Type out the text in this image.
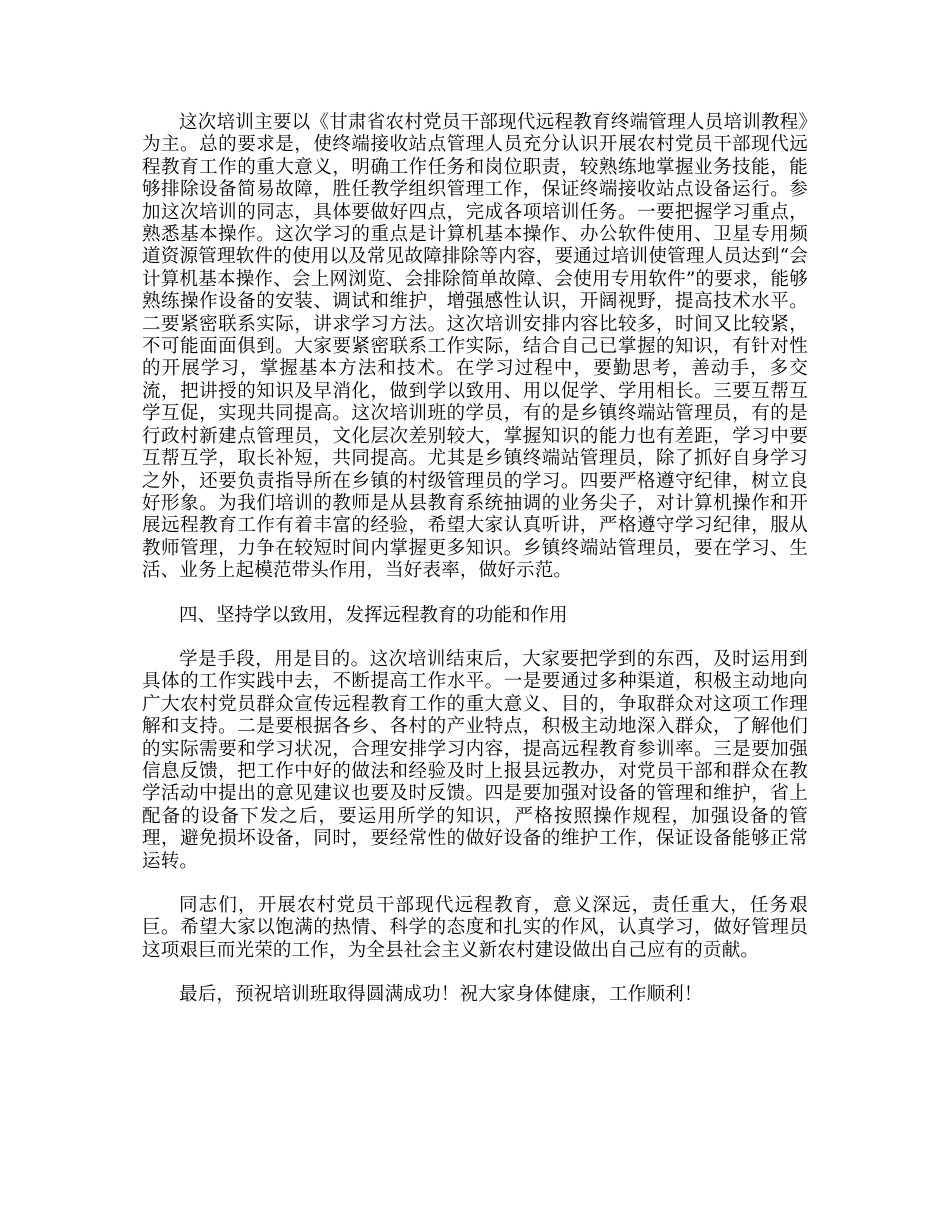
这次培训主要以《甘肃省农村党员干部现代远程教育终端管理人员培训教程》为主。总的要求是，使终端接收站点管理人员充分认识开展农村党员干部现代远程教育工作的重大意义，明确工作任务和岗位职责，较熟练地掌握业务技能，能够排除设备简易故障，胜任教学组织管理工作，保证终端接收站点设备运行。参加这次培训的同志，具体要做好四点，完成各项培训任务。一要把握学习重点，熟悉基本操作。这次学习的重点是计算机基本操作、办公软件使用、卫星专用频道资源管理软件的使用以及常见故障排除等内容，要通过培训使管理人员达到“会计算机基本操作、会上网浏览、会排除简单故障、会使用专用软件”的要求，能够熟练操作设备的安装、调试和维护，增强感性认识，开阔视野，提高技术水平。二要紧密联系实际，讲求学习方法。这次培训安排内容比较多，时间又比较紧，不可能面面俱到。大家要紧密联系工作实际，结合自己已掌握的知识，有针对性的开展学习，掌握基本方法和技术。在学习过程中，要勤思考，善动手，多交流，把讲授的知识及早消化，做到学以致用、用以促学、学用相长。三要互帮互学互促，实现共同提高。这次培训班的学员，有的是乡镇终端站管理员，有的是行政村新建点管理员，文化层次差别较大，掌握知识的能力也有差距，学习中要互帮互学，取长补短，共同提高。尤其是乡镇终端站管理员，除了抓好自身学习之外，还要负责指导所在乡镇的村级管理员的学习。四要严格遵守纪律，树立良好形象。为我们培训的教师是从县教育系统抽调的业务尖子，对计算机操作和开展远程教育工作有着丰富的经验，希望大家认真听讲，严格遵守学习纪律，服从教师管理，力争在较短时间内掌握更多知识。乡镇终端站管理员，要在学习、生活、业务上起模范带头作用，当好表率，做好示范。

四、坚持学以致用，发挥远程教育的功能和作用

学是手段，用是目的。这次培训结束后，大家要把学到的东西，及时运用到具体的工作实践中去，不断提高工作水平。一是要通过多种渠道，积极主动地向广大农村党员群众宣传远程教育工作的重大意义、目的，争取群众对这项工作理解和支持。二是要根据各乡、各村的产业特点，积极主动地深入群众，了解他们的实际需要和学习状况，合理安排学习内容，提高远程教育参训率。三是要加强信息反馈，把工作中好的做法和经验及时上报县远教办，对党员干部和群众在教学活动中提出的意见建议也要及时反馈。四是要加强对设备的管理和维护，省上配备的设备下发之后，要运用所学的知识，严格按照操作规程，加强设备的管理，避免损坏设备，同时，要经常性的做好设备的维护工作，保证设备能够正常运转。

同志们，开展农村党员干部现代远程教育，意义深远，责任重大，任务艰巨。希望大家以饱满的热情、科学的态度和扎实的作风，认真学习，做好管理员这项艰巨而光荣的工作，为全县社会主义新农村建设做出自己应有的贡献。

最后，预祝培训班取得圆满成功！祝大家身体健康，工作顺利！
